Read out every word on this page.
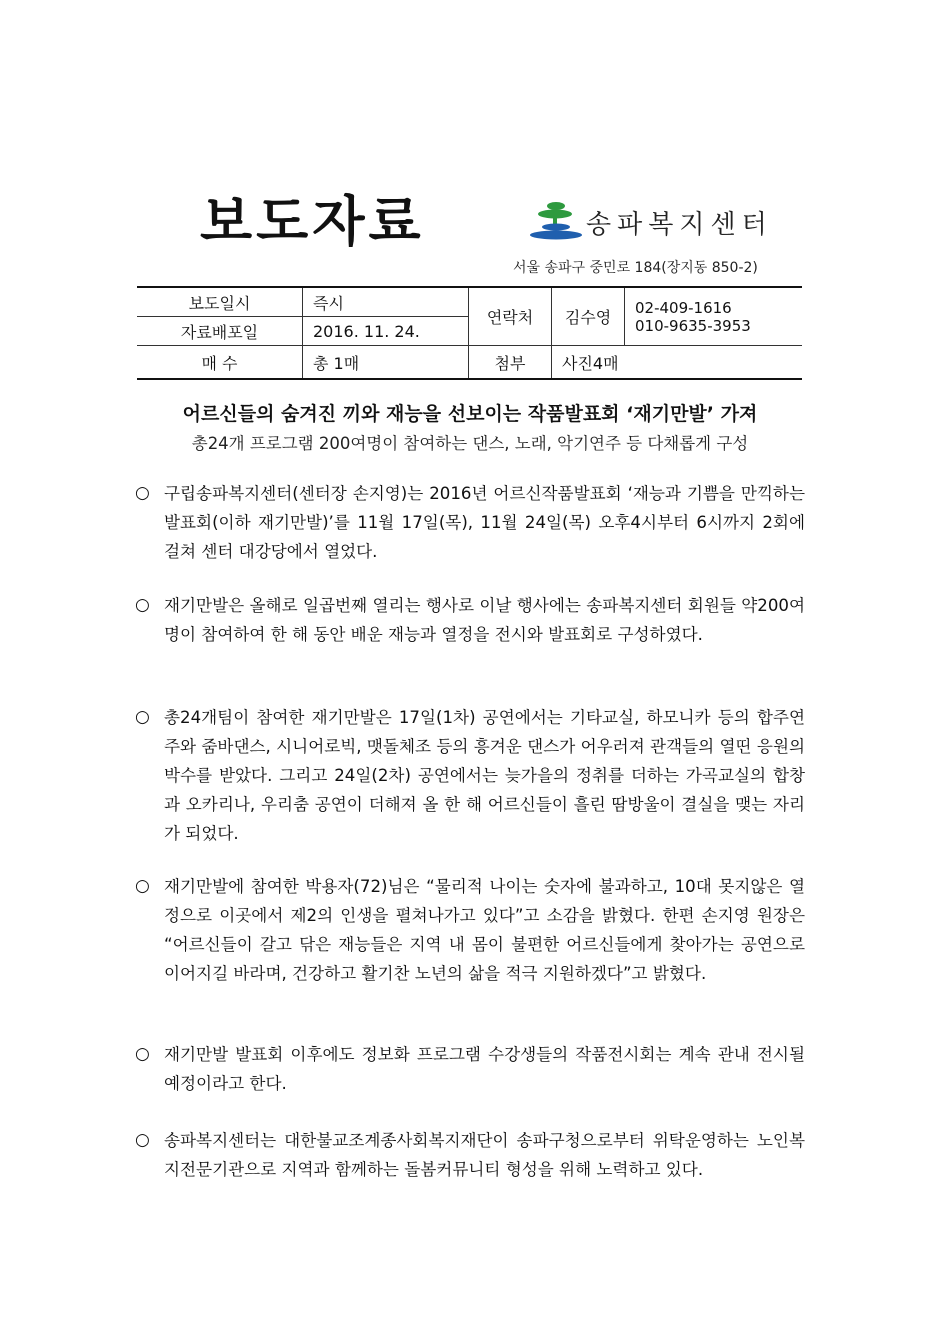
보도자료	송파복지센터
서울 송파구 중민로 184(장지동 850-2)
보도일시	즉시	연락처	김수영	02-409-1616
010-9635-3953

자료배포일	2016. 11. 24.			
매 수	총 1매	첨부	사진4매	

어르신들의 숨겨진 끼와 재능을 선보이는 작품발표회 ‘재기만발’ 가져

총24개 프로그램 200여명이 참여하는 댄스, 노래, 악기연주 등 다채롭게 구성

○ 구립송파복지센터(센터장 손지영)는 2016년 어르신작품발표회 ‘재능과 기쁨을 만끽하는 발표회(이하 재기만발)’를 11월 17일(목), 11월 24일(목) 오후4시부터 6시까지 2회에 걸쳐 센터 대강당에서 열었다.
○ 재기만발은 올해로 일곱번째 열리는 행사로 이날 행사에는 송파복지센터 회원들 약200여명이 참여하여 한 해 동안 배운 재능과 열정을 전시와 발표회로 구성하였다.
○ 총24개팀이 참여한 재기만발은 17일(1차) 공연에서는 기타교실, 하모니카 등의 합주연주와 줌바댄스, 시니어로빅, 맷돌체조 등의 흥겨운 댄스가 어우러져 관객들의 열띤 응원의 박수를 받았다. 그리고 24일(2차) 공연에서는 늦가을의 정취를 더하는 가곡교실의 합창과 오카리나, 우리춤 공연이 더해져 올 한 해 어르신들이 흘린 땀방울이 결실을 맺는 자리가 되었다.
○ 재기만발에 참여한 박용자(72)님은 “물리적 나이는 숫자에 불과하고, 10대 못지않은 열정으로 이곳에서 제2의 인생을 펼쳐나가고 있다”고 소감을 밝혔다. 한편 손지영 원장은 “어르신들이 갈고 닦은 재능들은 지역 내 몸이 불편한 어르신들에게 찾아가는 공연으로 이어지길 바라며, 건강하고 활기찬 노년의 삶을 적극 지원하겠다”고 밝혔다.
○ 재기만발 발표회 이후에도 정보화 프로그램 수강생들의 작품전시회는 계속 관내 전시될 예정이라고 한다.
○ 송파복지센터는 대한불교조계종사회복지재단이 송파구청으로부터 위탁운영하는 노인복지전문기관으로 지역과 함께하는 돌봄커뮤니티 형성을 위해 노력하고 있다.
